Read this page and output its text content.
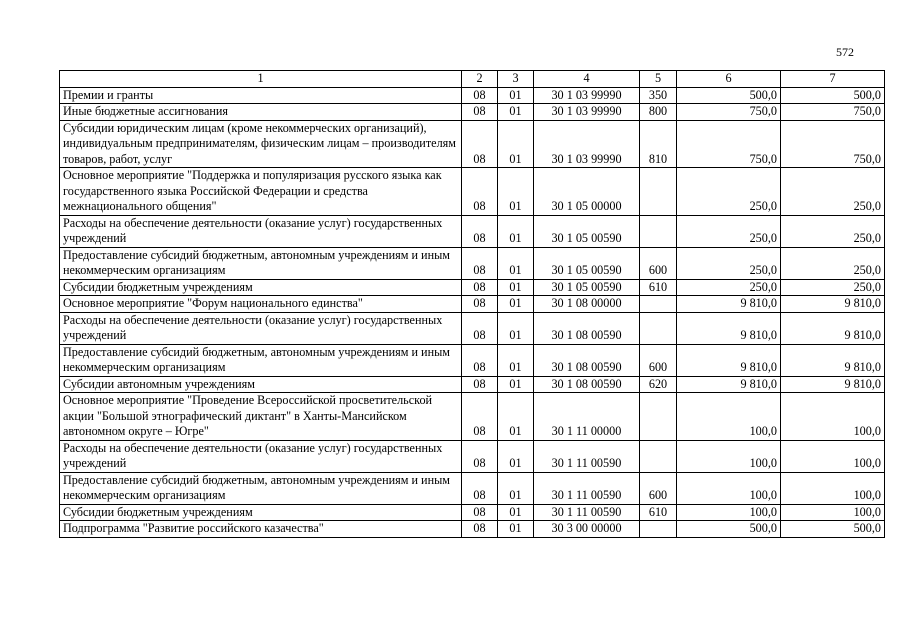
572
1	2	3	4	5	6	7
Премии и гранты	08	01	30 1 03 99990	350	500,0	500,0
Иные бюджетные ассигнования	08	01	30 1 03 99990	800	750,0	750,0
Субсидии юридическим лицам (кроме некоммерческих организаций), индивидуальным предпринимателям, физическим лицам – производителям товаров, работ, услуг	08	01	30 1 03 99990	810	750,0	750,0
Основное мероприятие "Поддержка и популяризация русского языка как государственного языка Российской Федерации и средства межнационального общения"	08	01	30 1 05 00000		250,0	250,0
Расходы на обеспечение деятельности (оказание услуг) государственных учреждений	08	01	30 1 05 00590		250,0	250,0
Предоставление субсидий бюджетным, автономным учреждениям и иным некоммерческим организациям	08	01	30 1 05 00590	600	250,0	250,0
Субсидии бюджетным учреждениям	08	01	30 1 05 00590	610	250,0	250,0
Основное мероприятие "Форум национального единства"	08	01	30 1 08 00000		9 810,0	9 810,0
Расходы на обеспечение деятельности (оказание услуг) государственных учреждений	08	01	30 1 08 00590		9 810,0	9 810,0
Предоставление субсидий бюджетным, автономным учреждениям и иным некоммерческим организациям	08	01	30 1 08 00590	600	9 810,0	9 810,0
Субсидии автономным учреждениям	08	01	30 1 08 00590	620	9 810,0	9 810,0
Основное мероприятие "Проведение Всероссийской просветительской акции "Большой этнографический диктант" в Ханты-Мансийском автономном округе – Югре"	08	01	30 1 11 00000		100,0	100,0
Расходы на обеспечение деятельности (оказание услуг) государственных учреждений	08	01	30 1 11 00590		100,0	100,0
Предоставление субсидий бюджетным, автономным учреждениям и иным некоммерческим организациям	08	01	30 1 11 00590	600	100,0	100,0
Субсидии бюджетным учреждениям	08	01	30 1 11 00590	610	100,0	100,0
Подпрограмма "Развитие российского казачества"	08	01	30 3 00 00000		500,0	500,0
